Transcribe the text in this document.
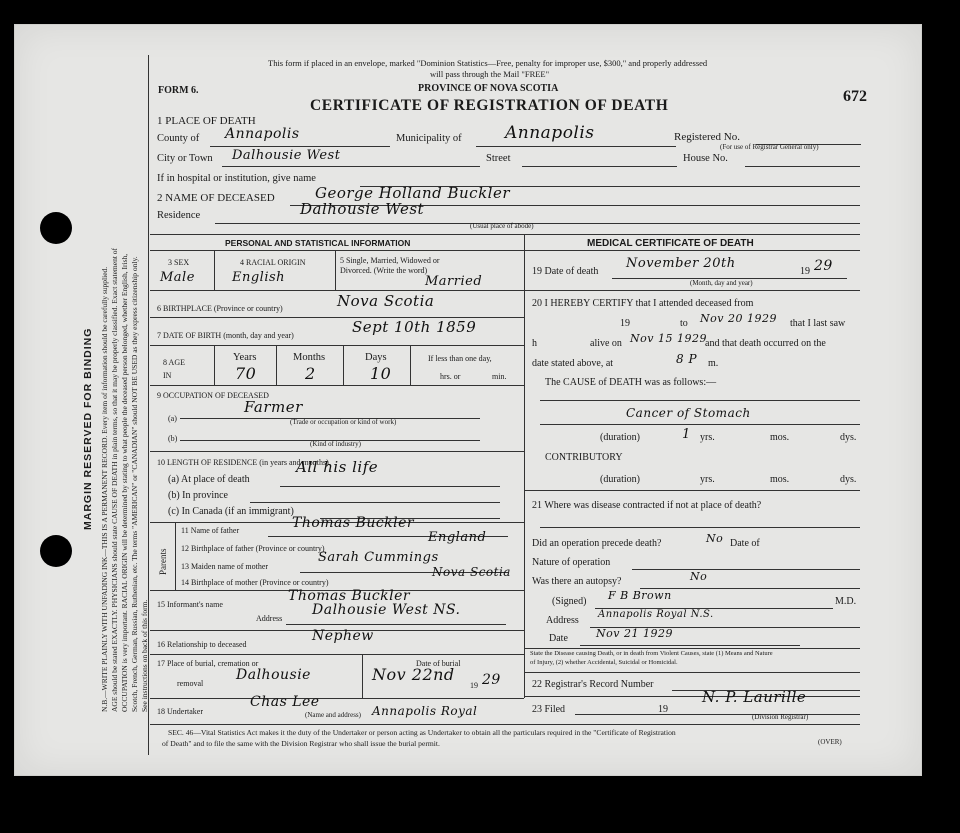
MARGIN RESERVED FOR BINDING N.B.—WRITE PLAINLY WITH UNFADING INK—THIS IS A PERMANENT RECORD. Every item of information should be carefully supplied. AGE should be stated EXACTLY. PHYSICIANS should state CAUSE OF DEATH in plain terms, so that it may be properly classified. Exact statement of OCCUPATION is very important. RACIAL ORIGIN will be determined by stating to what people the deceased person belonged, whether English, Irish, Scotch, French, German, Russian, Ruthenian, etc. The terms "AMERICAN" or "CANADIAN" should NOT BE USED as they express citizenship only. See instructions on back of this form.
This form if placed in an envelope, marked "Dominion Statistics—Free, penalty for improper use, $300," and properly addressed
will pass through the Mail "FREE"
PROVINCE OF NOVA SCOTIA
FORM 6.
CERTIFICATE OF REGISTRATION OF DEATH
672
1 PLACE OF DEATH
County of Annapolis	Municipality of	Annapolis	Registered No.
(For use of Registrar General only)
City or Town Dalhousie West	Street	House No.
If in hospital or institution, give name
2 NAME OF DECEASED	George Holland Buckler
Residence	Dalhousie West
(Usual place of abode)
PERSONAL AND STATISTICAL INFORMATION	MEDICAL CERTIFICATE OF DEATH
3 SEX
Male
4 RACIAL ORIGIN
English
5 Single, Married, Widowed or
Divorced. (Write the word)
Married
6 BIRTHPLACE (Province or country)	Nova Scotia
7 DATE OF BIRTH (month, day and year)	Sept 10th 1859
8 AGE IN
Years
70
Months
2
Days
10
If less than one day,
hrs. or	min.
9 OCCUPATION OF DECEASED
(a)
Farmer
(Trade or occupation or kind of work)
(b)
(Kind of industry)
10 LENGTH OF RESIDENCE (in years and months)
(a) At place of death
All his life
(b) In province
(c) In Canada (if an immigrant)
Parents
11 Name of father	Thomas Buckler
12 Birthplace of father (Province or country)
England
13 Maiden name of mother
Sarah Cummings
14 Birthplace of mother (Province or country)
Nova Scotia
15 Informant's name
Thomas Buckler
Address
Dalhousie West NS.
16 Relationship to deceased
Nephew
17 Place of burial, cremation or
removal
Dalhousie
Date of burial
Nov 22nd
19 29
18 Undertaker
Chas Lee
(Name and address) Annapolis Royal
19 Date of death
November 20th
19 29
(Month, day and year)
20 I HEREBY CERTIFY that I attended deceased from
19	to Nov 20 1929 that I last saw
h	alive on Nov 15 1929
and that death occurred on the
date stated above, at	8 P m.
The CAUSE of DEATH was as follows:—
Cancer of Stomach
(duration)	1 yrs.	mos.	dys.
CONTRIBUTORY
(duration)	yrs.	mos.	dys.
21 Where was disease contracted if not at place of death?
Did an operation precede death?	No Date of
Nature of operation
Was there an autopsy?	No
(Signed) F B Brown	M.D.
Address
Annapolis Royal N.S.
Date	Nov 21 1929
State the Disease causing Death, or in death from Violent Causes, state (1) Means and Nature
of Injury, (2) whether Accidental, Suicidal or Homicidal.
22 Registrar's Record Number
23 Filed	19
N. P. Laurille
(Division Registrar)
SEC. 46—Vital Statistics Act makes it the duty of the Undertaker or person acting as Undertaker to obtain all the particulars required in the "Certificate of Registration
of Death" and to file the same with the Division Registrar who shall issue the burial permit.	(OVER)
